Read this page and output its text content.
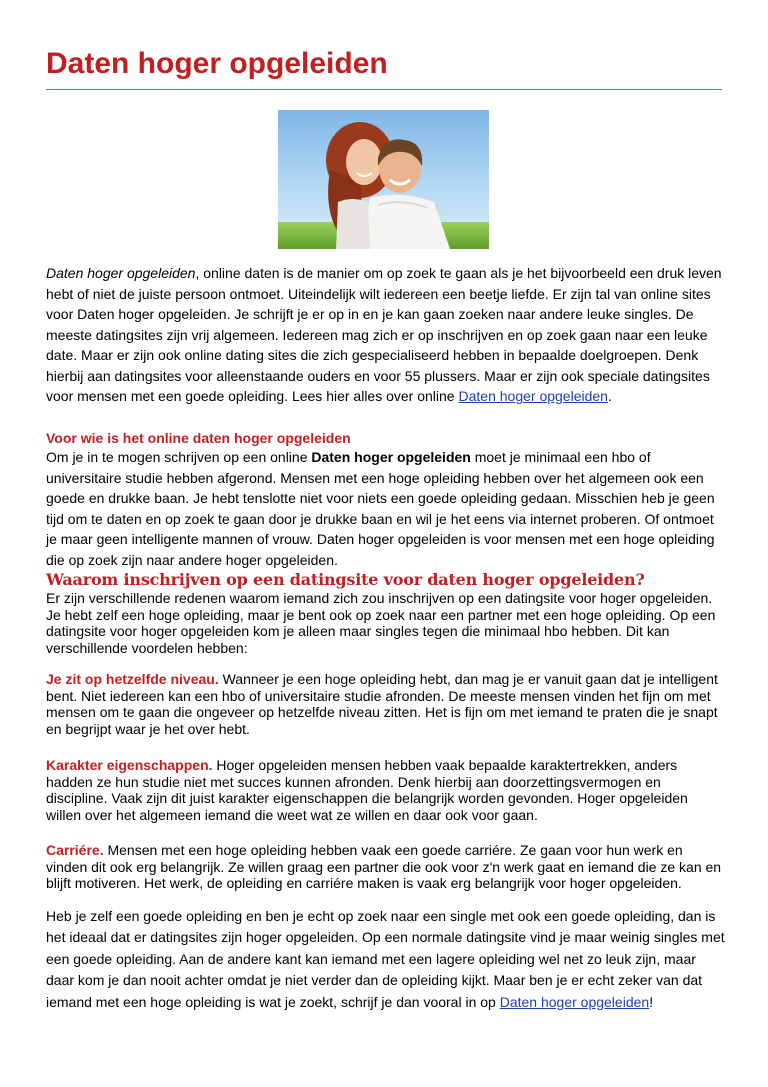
Daten hoger opgeleiden

Daten hoger opgeleiden, online daten is de manier om op zoek te gaan als je het bijvoorbeeld een druk leven hebt of niet de juiste persoon ontmoet. Uiteindelijk wilt iedereen een beetje liefde. Er zijn tal van online sites voor Daten hoger opgeleiden. Je schrijft je er op in en je kan gaan zoeken naar andere leuke singles. De meeste datingsites zijn vrij algemeen. Iedereen mag zich er op inschrijven en op zoek gaan naar een leuke date. Maar er zijn ook online dating sites die zich gespecialiseerd hebben in bepaalde doelgroepen. Denk hierbij aan datingsites voor alleenstaande ouders en voor 55 plussers. Maar er zijn ook speciale datingsites voor mensen met een goede opleiding. Lees hier alles over online Daten hoger opgeleiden.

Voor wie is het online daten hoger opgeleiden

Om je in te mogen schrijven op een online Daten hoger opgeleiden moet je minimaal een hbo of universitaire studie hebben afgerond. Mensen met een hoge opleiding hebben over het algemeen ook een goede en drukke baan. Je hebt tenslotte niet voor niets een goede opleiding gedaan. Misschien heb je geen tijd om te daten en op zoek te gaan door je drukke baan en wil je het eens via internet proberen. Of ontmoet je maar geen intelligente mannen of vrouw. Daten hoger opgeleiden is voor mensen met een hoge opleiding die op zoek zijn naar andere hoger opgeleiden.

Waarom inschrijven op een datingsite voor daten hoger opgeleiden?

Er zijn verschillende redenen waarom iemand zich zou inschrijven op een datingsite voor hoger opgeleiden. Je hebt zelf een hoge opleiding, maar je bent ook op zoek naar een partner met een hoge opleiding. Op een datingsite voor hoger opgeleiden kom je alleen maar singles tegen die minimaal hbo hebben. Dit kan verschillende voordelen hebben:

Je zit op hetzelfde niveau. Wanneer je een hoge opleiding hebt, dan mag je er vanuit gaan dat je intelligent bent. Niet iedereen kan een hbo of universitaire studie afronden. De meeste mensen vinden het fijn om met mensen om te gaan die ongeveer op hetzelfde niveau zitten. Het is fijn om met iemand te praten die je snapt en begrijpt waar je het over hebt.

Karakter eigenschappen. Hoger opgeleiden mensen hebben vaak bepaalde karaktertrekken, anders hadden ze hun studie niet met succes kunnen afronden. Denk hierbij aan doorzettingsvermogen en discipline. Vaak zijn dit juist karakter eigenschappen die belangrijk worden gevonden. Hoger opgeleiden willen over het algemeen iemand die weet wat ze willen en daar ook voor gaan.

Carriére. Mensen met een hoge opleiding hebben vaak een goede carriére. Ze gaan voor hun werk en vinden dit ook erg belangrijk. Ze willen graag een partner die ook voor z'n werk gaat en iemand die ze kan en blijft motiveren. Het werk, de opleiding en carriére maken is vaak erg belangrijk voor hoger opgeleiden.

Heb je zelf een goede opleiding en ben je echt op zoek naar een single met ook een goede opleiding, dan is het ideaal dat er datingsites zijn hoger opgeleiden. Op een normale datingsite vind je maar weinig singles met een goede opleiding. Aan de andere kant kan iemand met een lagere opleiding wel net zo leuk zijn, maar daar kom je dan nooit achter omdat je niet verder dan de opleiding kijkt. Maar ben je er echt zeker van dat iemand met een hoge opleiding is wat je zoekt, schrijf je dan vooral in op Daten hoger opgeleiden!
